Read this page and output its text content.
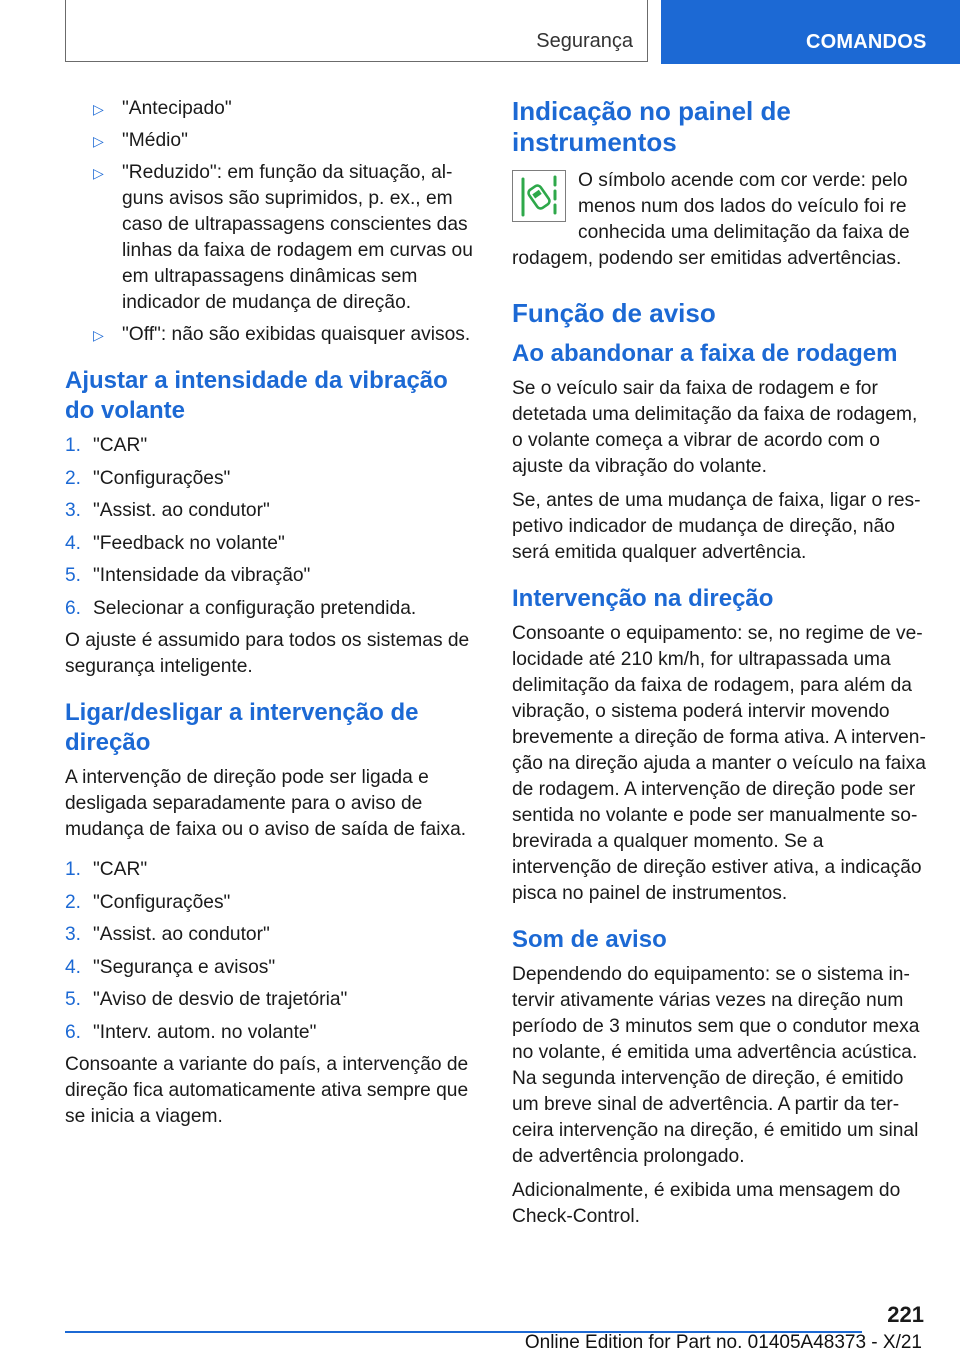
Segurança	COMANDOS
▷ "Antecipado"
▷ "Médio"
▷ "Reduzido": em função da situação, alguns avisos são suprimidos, p. ex., em caso de ultrapassagens conscientes das linhas da faixa de rodagem em curvas ou em ultrapassagens dinâmicas sem indicador de mudança de direção.
▷ "Off": não são exibidas quaisquer avisos.
Ajustar a intensidade da vibração do volante
1. "CAR"
2. "Configurações"
3. "Assist. ao condutor"
4. "Feedback no volante"
5. "Intensidade da vibração"
6. Selecionar a configuração pretendida.

O ajuste é assumido para todos os sistemas de segurança inteligente.

Ligar/desligar a intervenção de direção

A intervenção de direção pode ser ligada e desligada separadamente para o aviso de mudança de faixa ou o aviso de saída de faixa.

1. "CAR"
2. "Configurações"
3. "Assist. ao condutor"
4. "Segurança e avisos"
5. "Aviso de desvio de trajetória"
6. "Interv. autom. no volante"

Consoante a variante do país, a intervenção de direção fica automaticamente ativa sempre que se inicia a viagem.

Indicação no painel de instrumentos

O símbolo acende com cor verde: pelo

menos num dos lados do veículo foi re

conhecida uma delimitação da faixa de

rodagem, podendo ser emitidas advertências.

Função de aviso
Ao abandonar a faixa de rodagem

Se o veículo sair da faixa de rodagem e for detetada uma delimitação da faixa de rodagem, o volante começa a vibrar de acordo com o ajuste da vibração do volante.

Se, antes de uma mudança de faixa, ligar o respetivo indicador de mudança de direção, não será emitida qualquer advertência.

Intervenção na direção

Consoante o equipamento: se, no regime de velocidade até 210 km/h, for ultrapassada uma delimitação da faixa de rodagem, para além da vibração, o sistema poderá intervir movendo brevemente a direção de forma ativa. A intervenção na direção ajuda a manter o veículo na faixa de rodagem. A intervenção de direção pode ser sentida no volante e pode ser manualmente sobrevirada a qualquer momento. Se a intervenção de direção estiver ativa, a indicação pisca no painel de instrumentos.

Som de aviso

Dependendo do equipamento: se o sistema intervir ativamente várias vezes na direção num período de 3 minutos sem que o condutor mexa no volante, é emitida uma advertência acústica. Na segunda intervenção de direção, é emitido um breve sinal de advertência. A partir da terceira intervenção na direção, é emitido um sinal de advertência prolongado.

Adicionalmente, é exibida uma mensagem do Check-Control.

221
Online Edition for Part no. 01405A48373 - X/21
